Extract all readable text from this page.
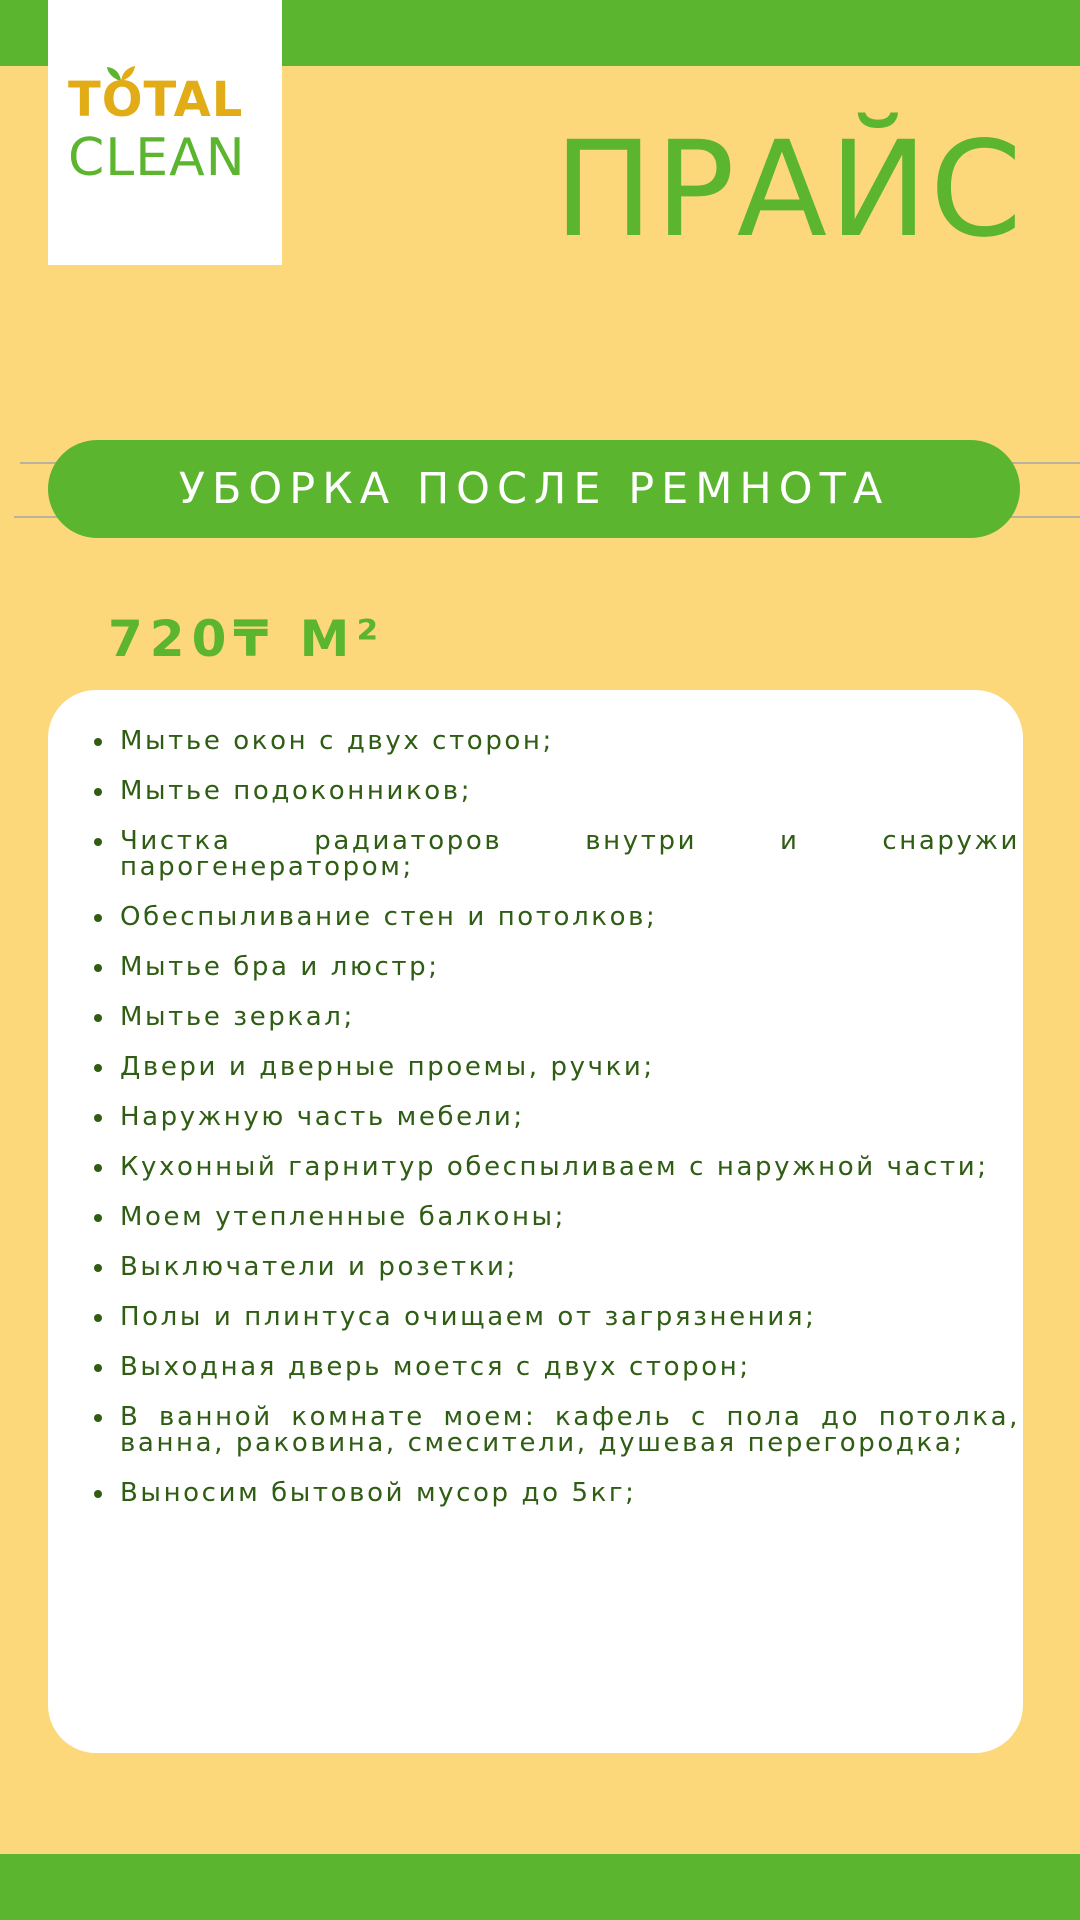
TOTAL
CLEAN ПРАЙС
УБОРКА ПОСЛЕ РЕМНОТА
720₸ М²
Мытье окон с двух сторон;
Мытье подоконников;
Чистка радиаторов внутри и снаружи парогенератором;
Обеспыливание стен и потолков;
Мытье бра и люстр;
Мытье зеркал;
Двери и дверные проемы, ручки;
Наружную часть мебели;
Кухонный гарнитур обеспыливаем с наружной части;
Моем утепленные балконы;
Выключатели и розетки;
Полы и плинтуса очищаем от загрязнения;
Выходная дверь моется с двух сторон;
В ванной комнате моем: кафель с пола до потолка, ванна, раковина, смесители, душевая перегородка;
Выносим бытовой мусор до 5кг;
